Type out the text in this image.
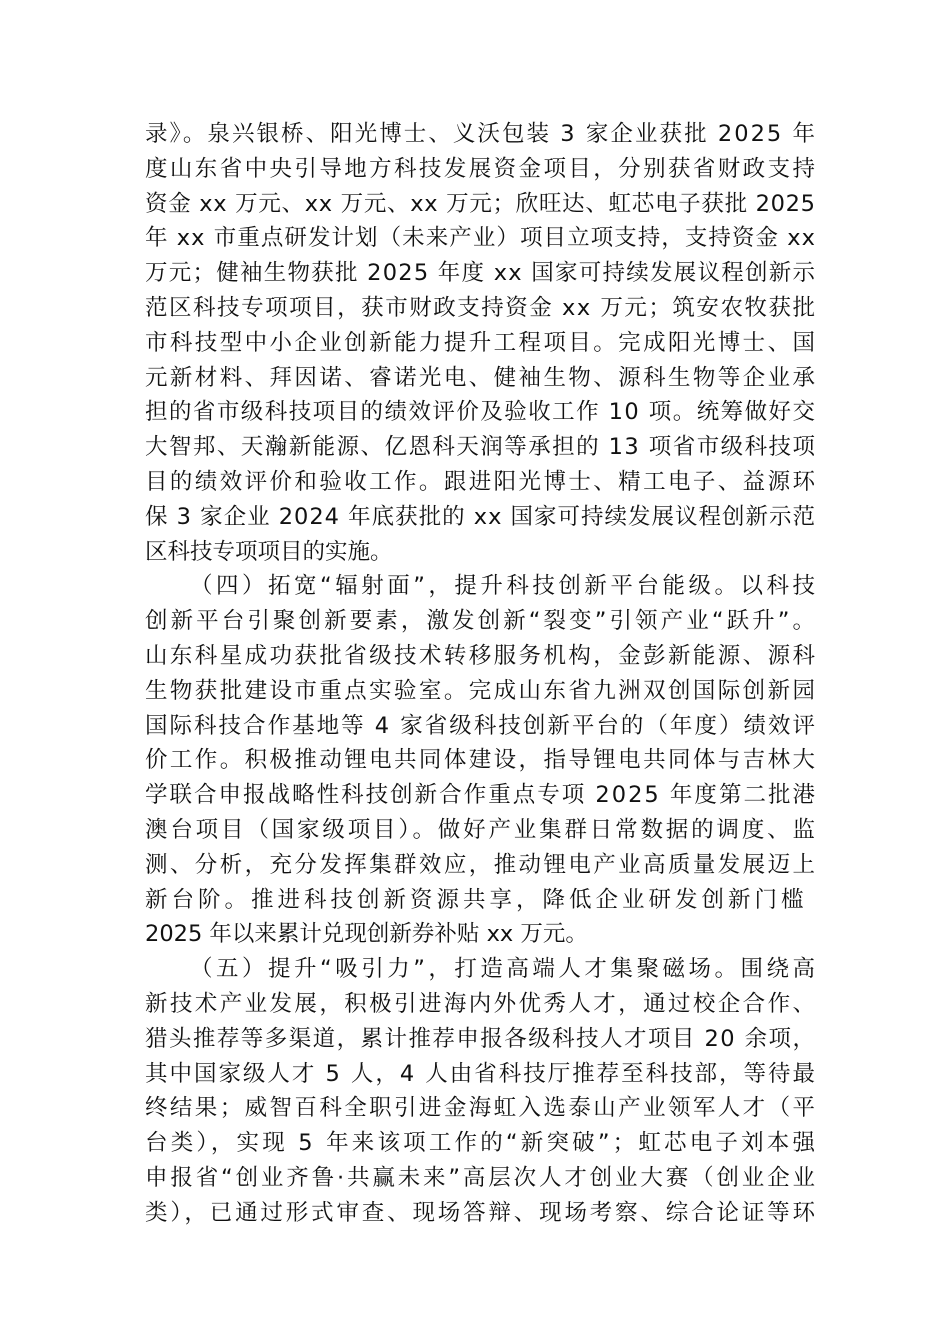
录》。泉兴银桥、阳光博士、义沃包装 3 家企业获批 2025 年
度山东省中央引导地方科技发展资金项目，分别获省财政支持
资金 xx 万元、xx 万元、xx 万元；欣旺达、虹芯电子获批 2025
年 xx 市重点研发计划（未来产业）项目立项支持，支持资金 xx
万元；健袖生物获批 2025 年度 xx 国家可持续发展议程创新示
范区科技专项项目，获市财政支持资金 xx 万元；筑安农牧获批
市科技型中小企业创新能力提升工程项目。完成阳光博士、国
元新材料、拜因诺、睿诺光电、健袖生物、源科生物等企业承
担的省市级科技项目的绩效评价及验收工作 10 项。统筹做好交
大智邦、天瀚新能源、亿恩科天润等承担的 13 项省市级科技项
目的绩效评价和验收工作。跟进阳光博士、精工电子、益源环
保 3 家企业 2024 年底获批的 xx 国家可持续发展议程创新示范
区科技专项项目的实施。
（四）拓宽“辐射面”，提升科技创新平台能级。以科技
创新平台引聚创新要素，激发创新“裂变”引领产业“跃升”。
山东科星成功获批省级技术转移服务机构，金彭新能源、源科
生物获批建设市重点实验室。完成山东省九洲双创国际创新园
国际科技合作基地等 4 家省级科技创新平台的（年度）绩效评
价工作。积极推动锂电共同体建设，指导锂电共同体与吉林大
学联合申报战略性科技创新合作重点专项 2025 年度第二批港
澳台项目（国家级项目）。做好产业集群日常数据的调度、监
测、分析，充分发挥集群效应，推动锂电产业高质量发展迈上
新台阶。推进科技创新资源共享，降低企业研发创新门槛
2025 年以来累计兑现创新券补贴 xx 万元。
（五）提升“吸引力”，打造高端人才集聚磁场。围绕高
新技术产业发展，积极引进海内外优秀人才，通过校企合作、
猎头推荐等多渠道，累计推荐申报各级科技人才项目 20 余项，
其中国家级人才 5 人，4 人由省科技厅推荐至科技部，等待最
终结果；威智百科全职引进金海虹入选泰山产业领军人才（平
台类），实现 5 年来该项工作的“新突破”；虹芯电子刘本强
申报省“创业齐鲁·共赢未来”高层次人才创业大赛（创业企业
类），已通过形式审查、现场答辩、现场考察、综合论证等环
